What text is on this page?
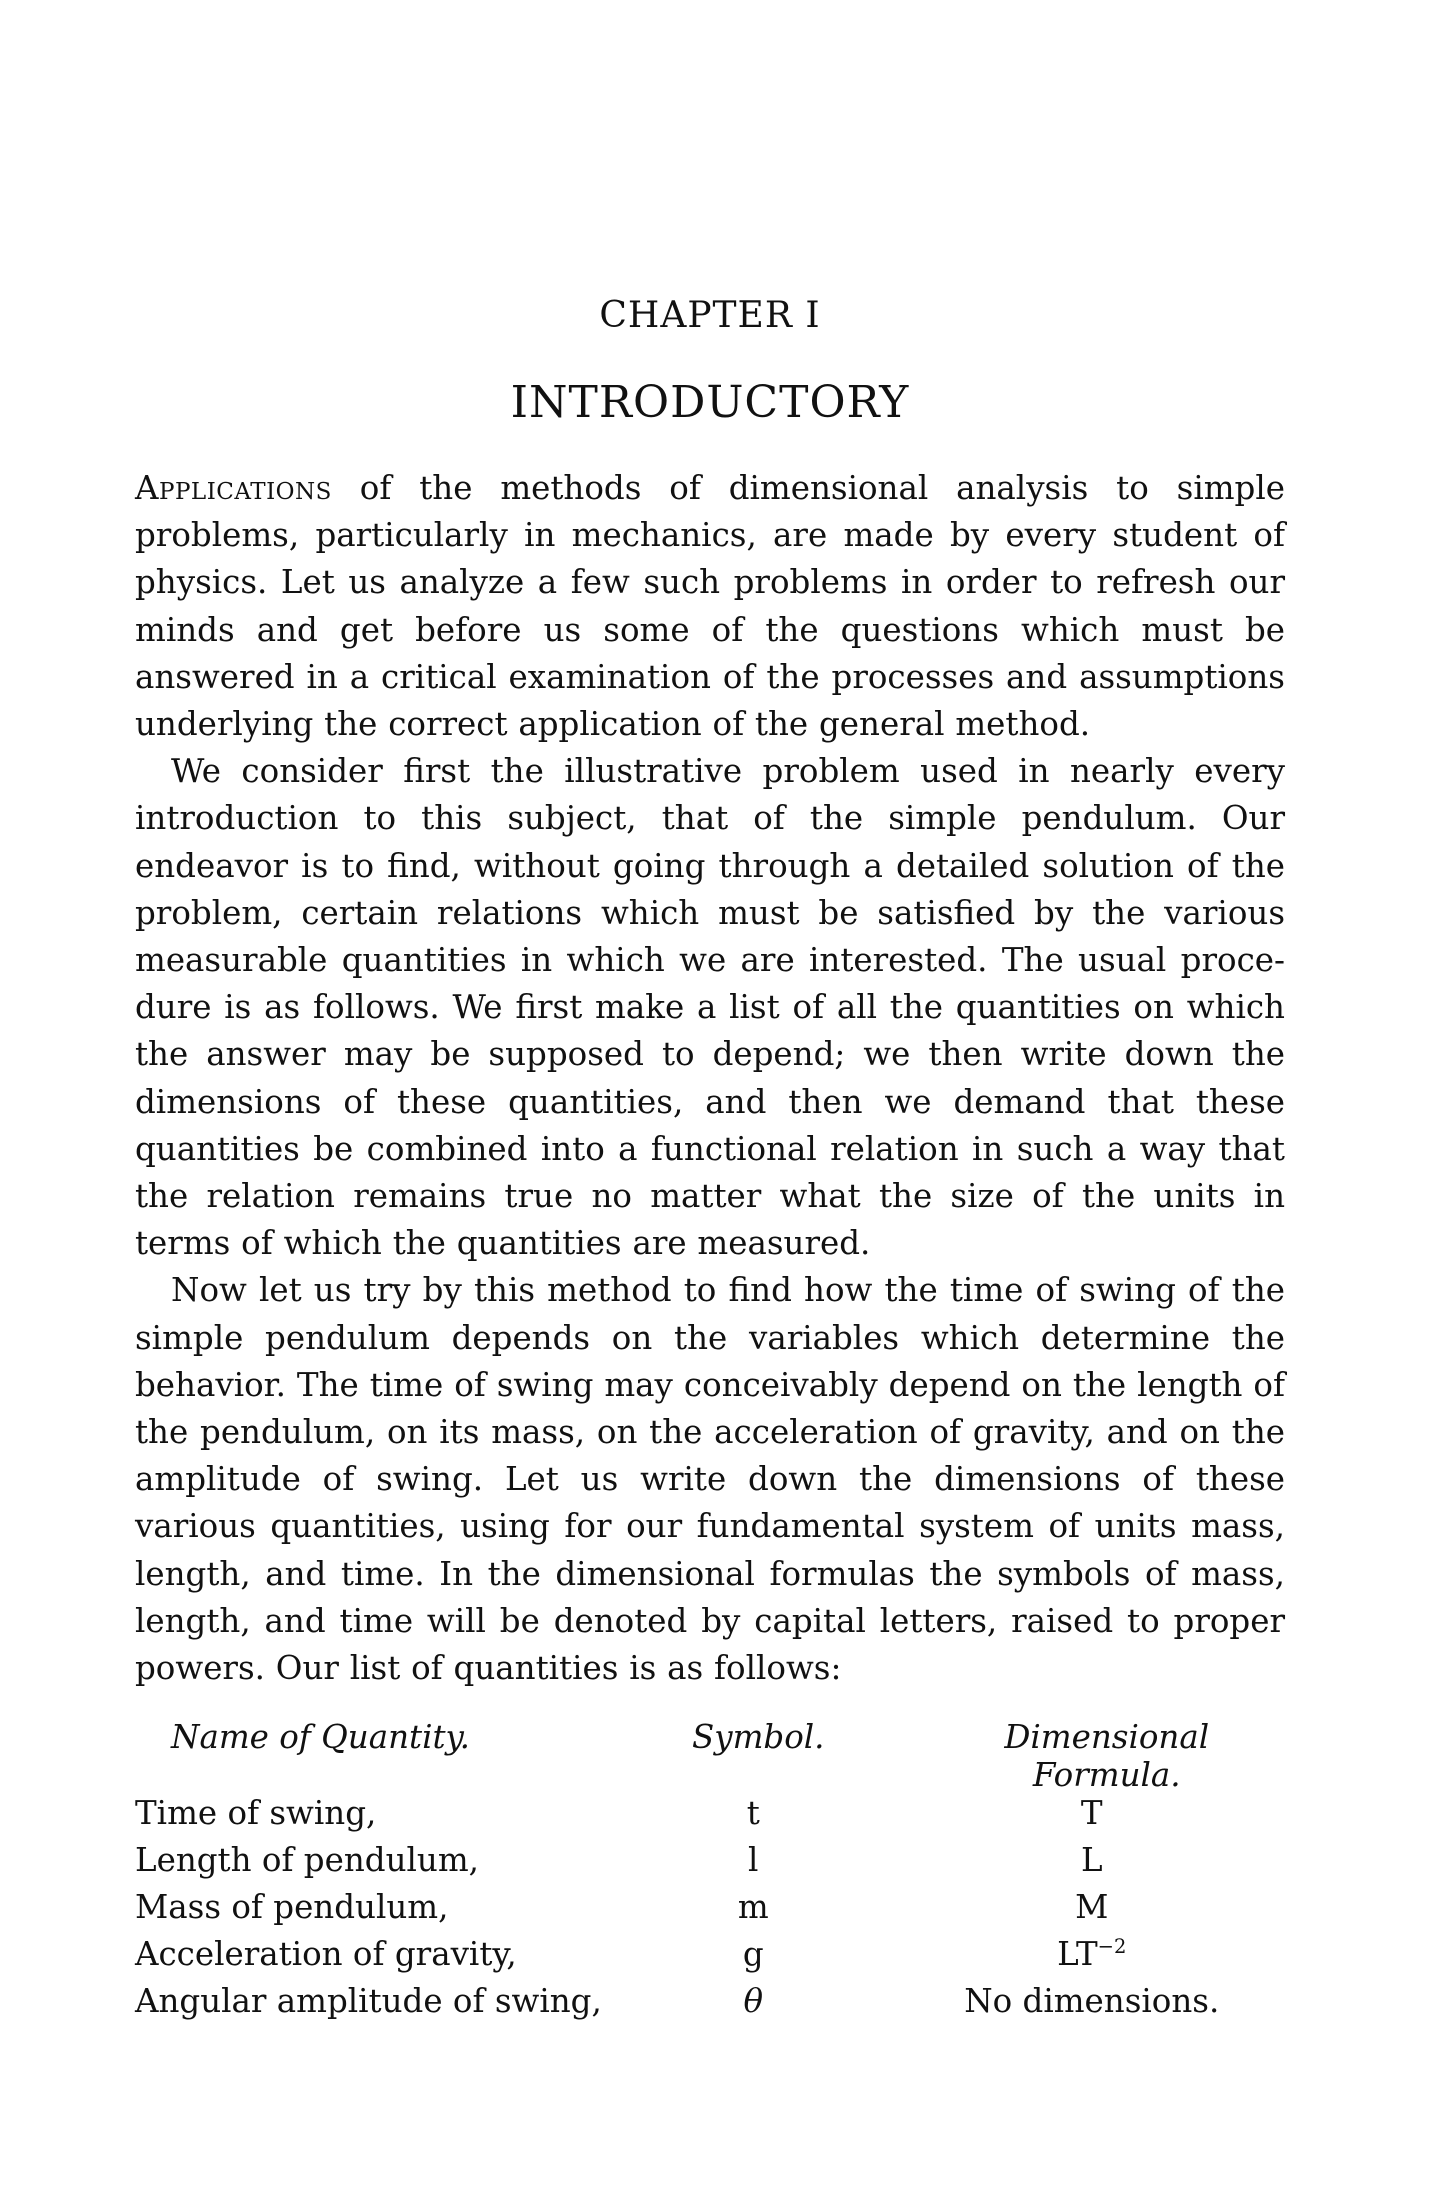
CHAPTER I
INTRODUCTORY

Applications of the methods of dimensional analysis to simple problems, particularly in mechanics, are made by every student of physics. Let us analyze a few such problems in order to refresh our minds and get before us some of the questions which must be answered in a critical examination of the processes and assumptions underlying the correct application of the general method.

We consider first the illustrative problem used in nearly every introduction to this subject, that of the simple pendulum. Our endeavor is to find, without going through a detailed solution of the problem, certain relations which must be satisfied by the various measurable quantities in which we are interested. The usual procedure is as follows. We first make a list of all the quantities on which the answer may be supposed to depend; we then write down the dimensions of these quantities, and then we demand that these quantities be combined into a functional relation in such a way that the relation remains true no matter what the size of the units in terms of which the quantities are measured.

Now let us try by this method to find how the time of swing of the simple pendulum depends on the variables which determine the behavior. The time of swing may conceivably depend on the length of the pendulum, on its mass, on the acceleration of gravity, and on the amplitude of swing. Let us write down the dimensions of these various quantities, using for our fundamental system of units mass, length, and time. In the dimensional formulas the symbols of mass, length, and time will be denoted by capital letters, raised to proper powers. Our list of quantities is as follows:

Name of Quantity.	Symbol.	Dimensional Formula.
Time of swing,	t	T
Length of pendulum,	l	L
Mass of pendulum,	m	M
Acceleration of gravity,	g	$LT^{-2}$
Angular amplitude of swing,	θ	No dimensions.
